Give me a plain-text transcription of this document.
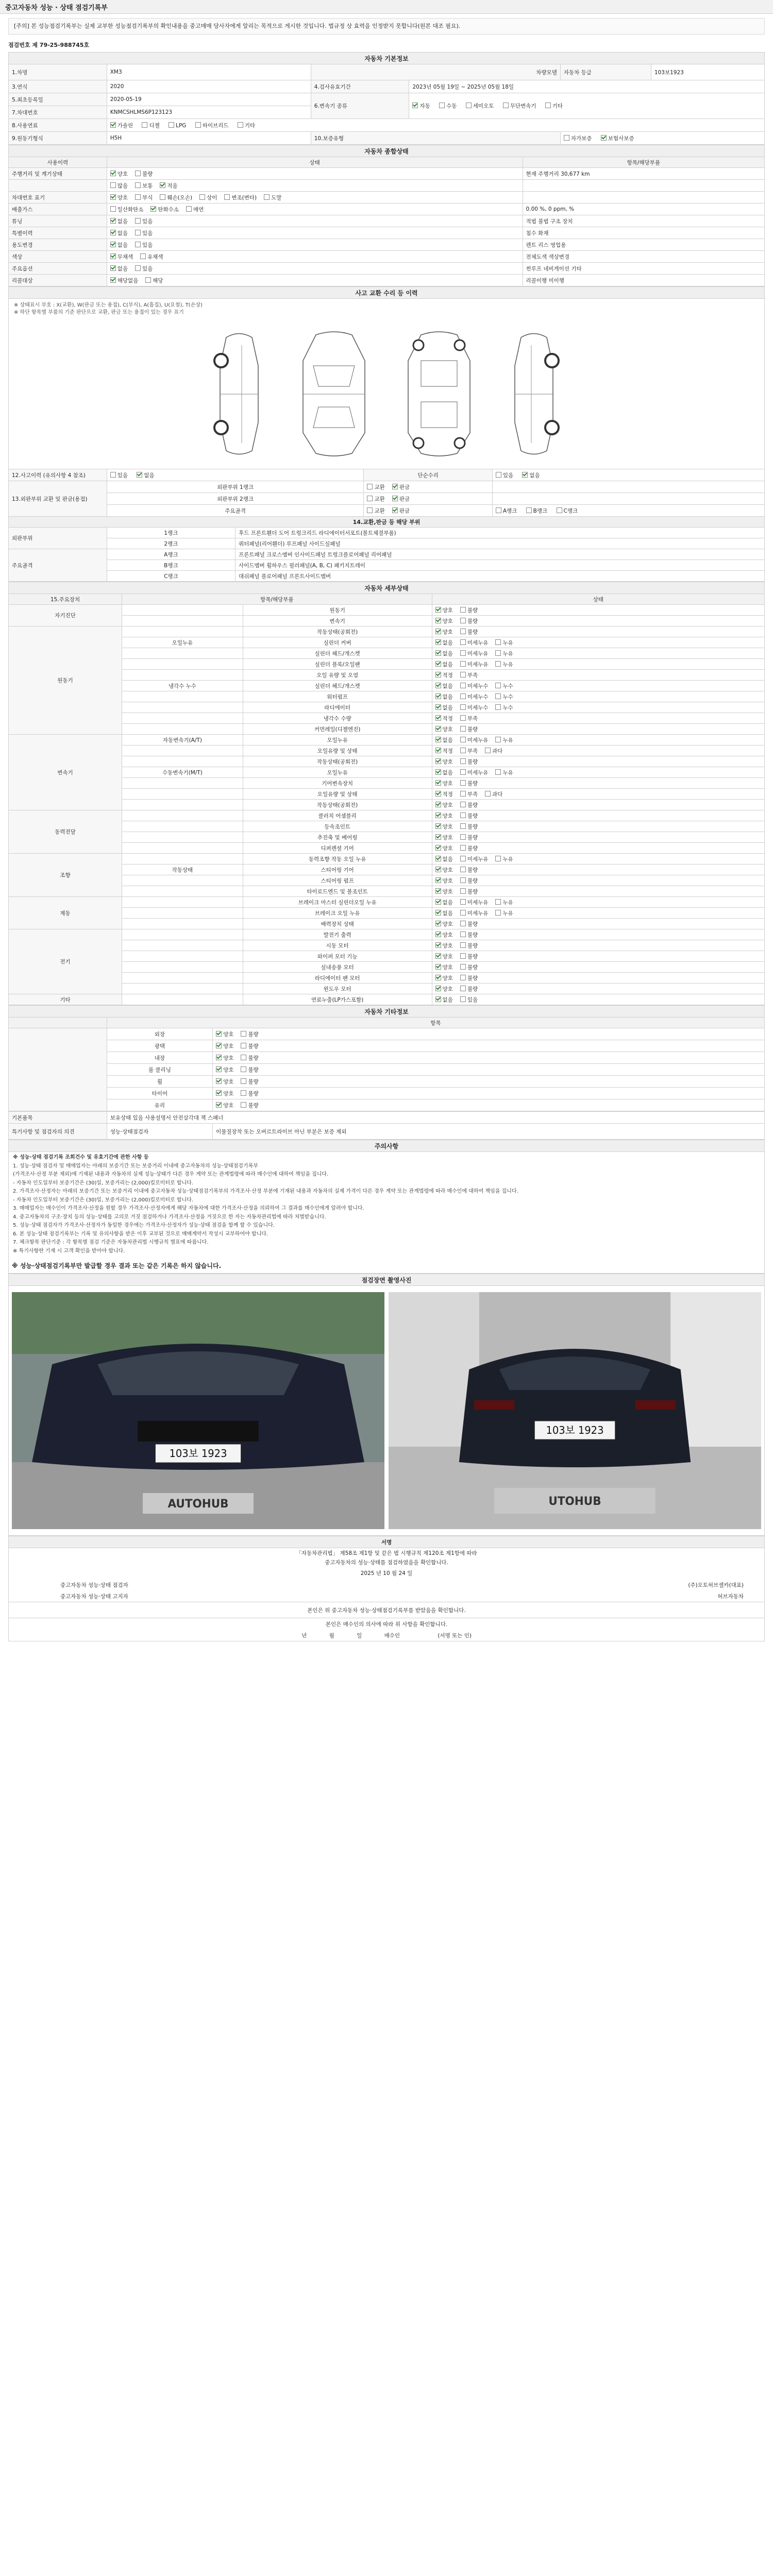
중고자동차 성능 · 상태 점검기록부
[주의] 본 성능점검기록부는 실제 교부한 성능점검기록부의 확인내용을 중고매매 당사자에게 알리는 목적으로 게시한 것입니다. 법규정 상 효력을 인정받지 못합니다(원본 대조 필요).
점검번호 제 79-25-988745호
자동차 기본정보					
1.차명	XM3	차량모델		자동차 등급	103보1923
3.연식	2020	4.검사유효기간	2023년 05월 19일 ~ 2025년 05월 18일		
5.최초등록일	2020-05-19	6.변속기 종류	자동 수동 세미오토 무단변속기 기타		
7.차대번호	KNMCSHLMS6P123123				
8.사용연료	가솔린 디젤 LPG 하이브리드 기타				
9.원동기형식	H5H	10.보증유형		자가보증 보험사보증	
자동차 종합상태		
사용이력	상태	항목/해당부품
주행거리 및 계기상태	양호 불량	현재 주행거리 30,677 km
	많음 보통 적음	
차대번호 표기	양호 부식 훼손(오손) 상이 변조(변타) 도말	
배출가스	일산화탄소 탄화수소 매연	0.00 %, 0 ppm, %
튜닝	없음 있음	적법 불법 구조 장치
특별이력	없음 있음	침수 화재
용도변경	없음 있음	렌트 리스 영업용
색상	무채색 유채색	전체도색 색상변경
주요옵션	없음 있음	썬루프 네비게이션 기타
리콜대상	해당없음 해당	리콜이행 미이행
사고 교환 수리 등 이력				

※ 상태표시 부호 : X(교환), W(판금 또는 용접), C(부식), A(흠집), U(요철), T(손상)
※ 하단 항목별 부품의 기준 판단으로 교환, 판금 또는 용접이 있는 경우 표기				

12.사고이력 (유의사항 4 참조)	있음 없음		단순수리	있음 없음
13.외판부위 교환 및 판금(용접)	외판부위 1랭크		교환 판금	
	외판부위 2랭크		교환 판금	
	주요골격		교환 판금	A랭크 B랭크 C랭크
14.교환,판금 등 해당 부위				
외판부위	1랭크	후드 프론트휀더 도어 트렁크리드 라디에이터서포트(볼트체결부품)		
	2랭크	쿼터패널(리어휀더) 루프패널 사이드실패널		
주요골격	A랭크	프론트패널 크로스멤버 인사이드패널 트렁크플로어패널 리어패널		
	B랭크	사이드멤버 휠하우스 필러패널(A, B, C) 패키지트레이		
	C랭크	대쉬패널 플로어패널 프론트사이드멤버		
자동차 세부상태			
15.주요장치	항목/해당부품		상태
자기진단		원동기	양호 불량
		변속기	양호 불량
원동기		작동상태(공회전)	양호 불량
	오일누유	실린더 커버	없음 미세누유 누유
		실린더 헤드/개스켓	없음 미세누유 누유
		실린더 블록/오일팬	없음 미세누유 누유
		오일 유량 및 오염	적정 부족
	냉각수 누수	실린더 헤드/개스켓	없음 미세누수 누수
		워터펌프	없음 미세누수 누수
		라디에이터	없음 미세누수 누수
		냉각수 수량	적정 부족
		커먼레일(디젤엔진)	양호 불량
변속기	자동변속기(A/T)	오일누유	없음 미세누유 누유
		오일유량 및 상태	적정 부족 과다
		작동상태(공회전)	양호 불량
	수동변속기(M/T)	오일누유	없음 미세누유 누유
		기어변속장치	양호 불량
		오일유량 및 상태	적정 부족 과다
		작동상태(공회전)	양호 불량
동력전달		클러치 어셈블리	양호 불량
		등속조인트	양호 불량
		추진축 및 베어링	양호 불량
		디퍼렌셜 기어	양호 불량
조향		동력조향 작동 오일 누유	없음 미세누유 누유
	작동상태	스티어링 기어	양호 불량
		스티어링 펌프	양호 불량
		타이로드엔드 및 볼조인트	양호 불량
제동		브레이크 마스터 실린더오일 누유	없음 미세누유 누유
		브레이크 오일 누유	없음 미세누유 누유
		배력장치 상태	양호 불량
전기		발전기 출력	양호 불량
		시동 모터	양호 불량
		와이퍼 모터 기능	양호 불량
		실내송풍 모터	양호 불량
		라디에이터 팬 모터	양호 불량
		윈도우 모터	양호 불량
기타		연료누출(LP가스포함)	없음 있음
자동차 기타정보		
	항목	
	외장	양호 불량
	광택	양호 불량
	내장	양호 불량
	룸 클리닝	양호 불량
	휠	양호 불량
	타이어	양호 불량
	유리	양호 불량
기본품목	보유상태 있음 사용설명서 안전삼각대 잭 스패너	
특기사항 및 점검자의 의견	성능·상태점검자	이물질장착 또는 오버르트라이브 아닌 부분은 보증 제외
주의사항

※ 성능·상태 점검기록 조회건수 및 유효기간에 관한 사항 등

1. 성능·상태 점검자 및 매매업자는 아래의 보증기간 또는 보증거리 이내에 중고자동차의 성능·상태점검기록부

(가격조사·산정 부분 제외)에 기재된 내용과 자동차의 실제 성능·상태가 다른 경우 계약 또는 관계법령에 따라 매수인에 대하여 책임을 집니다.

- 자동차 인도일부터 보증기간은 (30)일, 보증거리는 (2,000)킬로미터로 합니다.

2. 가격조사·산정자는 아래의 보증기간 또는 보증거리 이내에 중고자동차 성능·상태점검기록부의 가격조사·산정 부분에 기재된 내용과 자동차의 실제 가격이 다른 경우 계약 또는 관계법령에 따라 매수인에 대하여 책임을 집니다.

- 자동차 인도일부터 보증기간은 (30)일, 보증거리는 (2,000)킬로미터로 합니다.

3. 매매업자는 매수인이 가격조사·산정을 원할 경우 가격조사·산정자에게 해당 자동차에 대한 가격조사·산정을 의뢰하여 그 결과를 매수인에게 알려야 합니다.

4. 중고자동차의 구조·장치 등의 성능·상태를 고의로 거짓 점검하거나 가격조사·산정을 거짓으로 한 자는 자동차관리법에 따라 처벌받습니다.

5. 성능·상태 점검자가 가격조사·산정자가 동일한 경우에는 가격조사·산정자가 성능·상태 점검을 함께 할 수 있습니다.

6. 본 성능·상태 점검기록부는 기록 및 유의사항을 받은 이후 교부된 것으로 매매계약서 작성시 교부하여야 합니다.

7. 체크항목 판단기준 : 각 항목별 점검 기준은 자동차관리법 시행규칙 별표에 따릅니다.

※ 특기사항란 기재 시 고객 확인을 받아야 합니다.

※ 성능·상태점검기록부만 발급할 경우 결과 또는 같은 기록은 하지 않습니다.
점검장면 촬영사진

103보 1923
AUTOHUB
103보 1923
UTOHUB
서명	
「자동차관리법」 제58조 제1항 및 같은 법 시행규칙 제120조 제1항에 따라	
중고자동차의 성능·상태를 점검하였음을 확인합니다.	
2025 년 10 월 24 일	
중고자동차 성능·상태 점검자	(주)오토허브셀카(대표)
중고자동차 성능·상태 고지자	허브자동차
본인은 위 중고자동차 성능·상태점검기록부를 받았음을 확인합니다.	
본인은 매수인의 의사에 따라 위 사항을 확인합니다.	
년 월 일 매수인 (서명 또는 인)	
